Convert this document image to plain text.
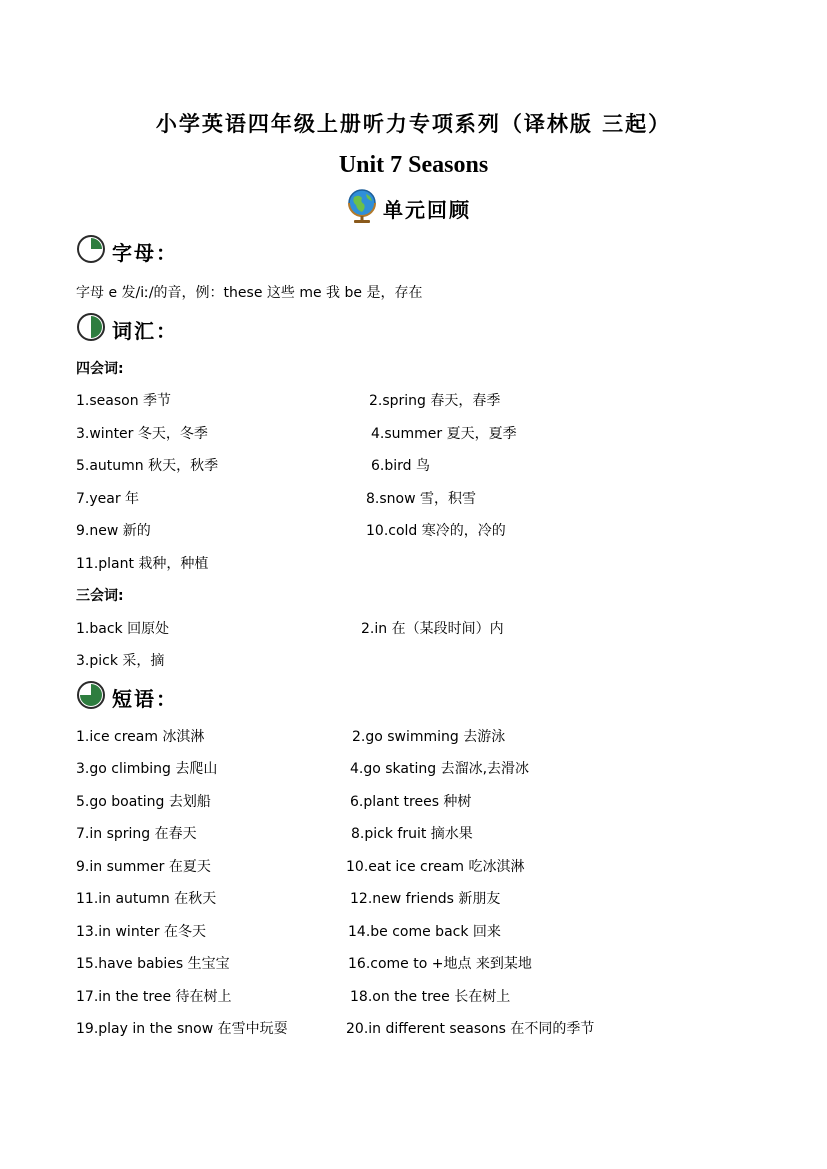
小学英语四年级上册听力专项系列（译林版 三起）
Unit 7 Seasons
单元回顾
字母：
字母 e 发/iː/的音，例：these 这些 me 我 be 是，存在
词汇：
四会词:
1.season 季节	2.spring 春天，春季
3.winter 冬天，冬季	4.summer 夏天，夏季
5.autumn 秋天，秋季	6.bird 鸟
7.year 年	8.snow 雪，积雪
9.new 新的	10.cold 寒冷的，冷的
11.plant 栽种，种植
三会词:
1.back 回原处	2.in 在（某段时间）内
3.pick 采，摘
短语：
1.ice cream 冰淇淋	2.go swimming 去游泳
3.go climbing 去爬山	4.go skating 去溜冰,去滑冰
5.go boating 去划船	6.plant trees 种树
7.in spring 在春天	8.pick fruit 摘水果
9.in summer 在夏天	10.eat ice cream 吃冰淇淋
11.in autumn 在秋天	12.new friends 新朋友
13.in winter 在冬天	14.be come back 回来
15.have babies 生宝宝	16.come to +地点 来到某地
17.in the tree 待在树上	18.on the tree 长在树上
19.play in the snow 在雪中玩耍	20.in different seasons 在不同的季节
